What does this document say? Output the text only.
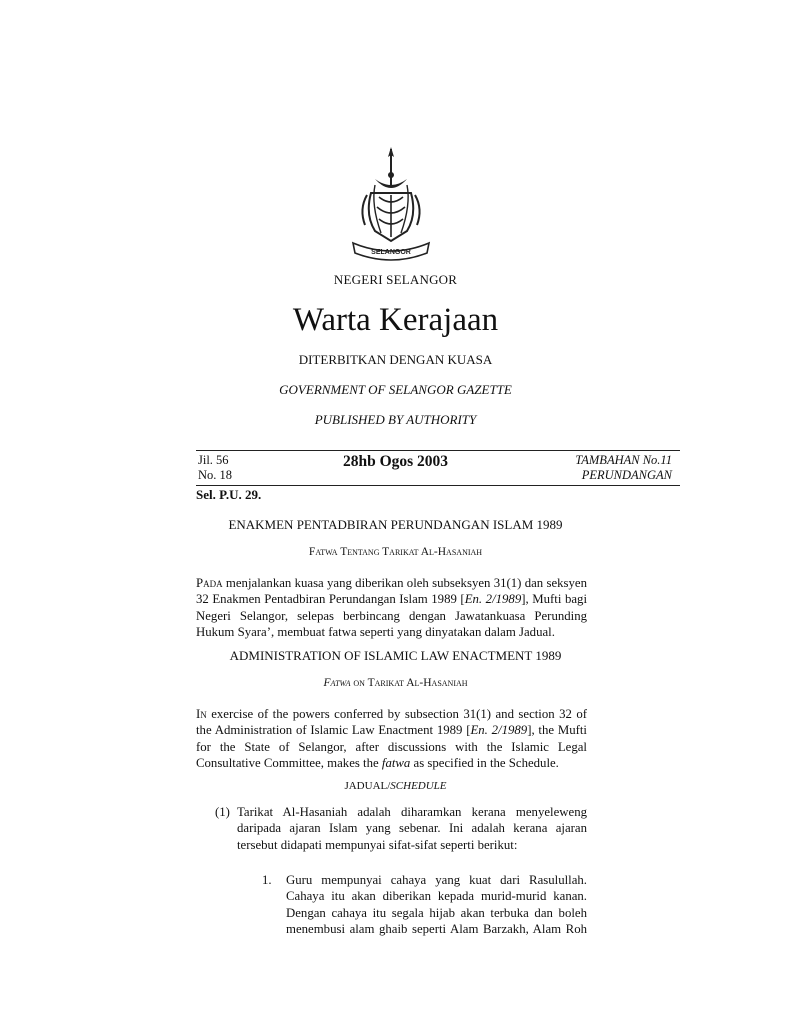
SELANGOR
NEGERI SELANGOR
Warta Kerajaan
DITERBITKAN DENGAN KUASA
GOVERNMENT OF SELANGOR GAZETTE
PUBLISHED BY AUTHORITY
Jil. 56
No. 18
28hb Ogos 2003	TAMBAHAN No.11
PERUNDANGAN
Sel. P.U. 29.
ENAKMEN PENTADBIRAN PERUNDANGAN ISLAM 1989
Fatwa Tentang Tarikat Al-Hasaniah
Pada menjalankan kuasa yang diberikan oleh subseksyen 31(1) dan seksyen
32 Enakmen Pentadbiran Perundangan Islam 1989 [En. 2/1989], Mufti bagi
Negeri Selangor, selepas berbincang dengan Jawatankuasa Perunding
Hukum Syara’, membuat fatwa seperti yang dinyatakan dalam Jadual.
ADMINISTRATION OF ISLAMIC LAW ENACTMENT 1989
Fatwa on Tarikat Al-Hasaniah
In exercise of the powers conferred by subsection 31(1) and section 32 of
the Administration of Islamic Law Enactment 1989 [En. 2/1989], the Mufti
for the State of Selangor, after discussions with the Islamic Legal
Consultative Committee, makes the fatwa as specified in the Schedule.
JADUAL/SCHEDULE
(1) Tarikat Al-Hasaniah adalah diharamkan kerana menyeleweng
daripada ajaran Islam yang sebenar. Ini adalah kerana ajaran
tersebut didapati mempunyai sifat-sifat seperti berikut:
1. Guru mempunyai cahaya yang kuat dari Rasulullah.
Cahaya itu akan diberikan kepada murid-murid kanan.
Dengan cahaya itu segala hijab akan terbuka dan boleh
menembusi alam ghaib seperti Alam Barzakh, Alam Roh
